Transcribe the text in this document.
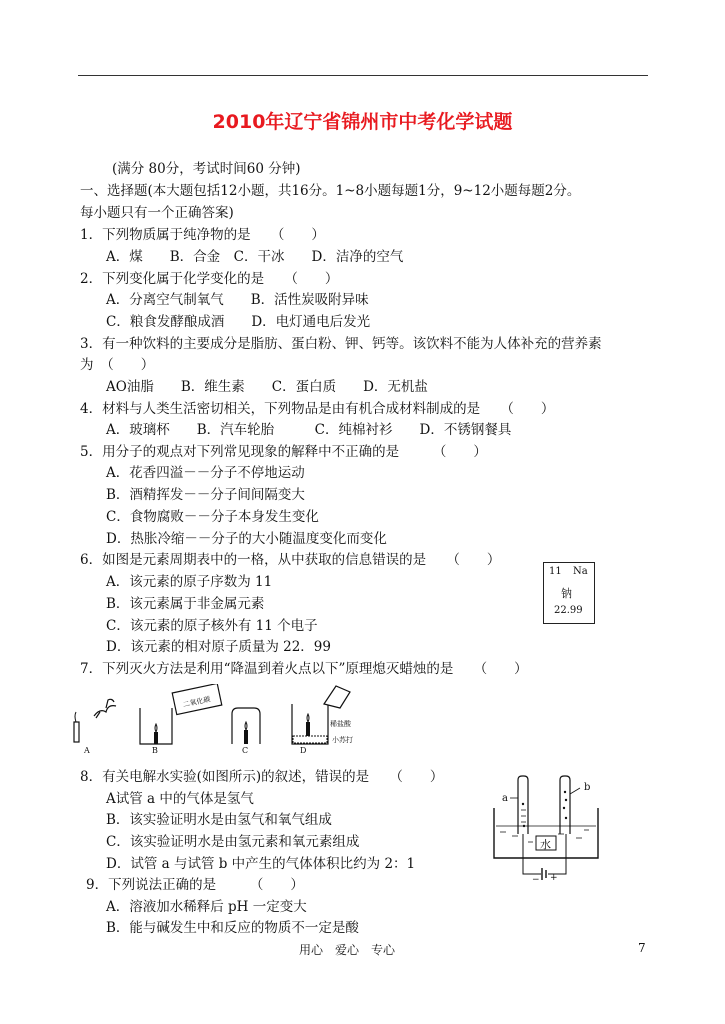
2010年辽宁省锦州市中考化学试题
(满分 80分，考试时间60 分钟)
一、选择题(本大题包括12小题，共16分。1~8小题每题1分，9~12小题每题2分。
每小题只有一个正确答案)
1．下列物质属于纯净物的是　　（　　）
A．煤　　B．合金　C．干冰　　D．洁净的空气
2．下列变化属于化学变化的是　　（　　）
A．分离空气制氧气　　B．活性炭吸附异味
C．粮食发酵酿成酒　　D．电灯通电后发光
3．有一种饮料的主要成分是脂肪、蛋白粉、钾、钙等。该饮料不能为人体补充的营养素
为　（　　）
AO油脂　　B．维生素　　C．蛋白质　　D．无机盐
4．材料与人类生活密切相关，下列物品是由有机合成材料制成的是　　（　　）
A．玻璃杯　　B．汽车轮胎　　　C．纯棉衬衫　　D．不锈钢餐具
5．用分子的观点对下列常见现象的解释中不正确的是　　　（　　）
A．花香四溢－－分子不停地运动
B．酒精挥发－－分子间间隔变大
C．食物腐败－－分子本身发生变化
D．热胀冷缩－－分子的大小随温度变化而变化
6．如图是元素周期表中的一格，从中获取的信息错误的是　　（　　）
A．该元素的原子序数为 11
B．该元素属于非金属元素
C．该元素的原子核外有 11 个电子
D．该元素的相对原子质量为 22．99
11 Na
钠
22.99
7．下列灭火方法是利用“降温到着火点以下”原理熄灭蜡烛的是　　（　　）
A
二氧化碳
B	C
稀盐酸
小苏打
D
8．有关电解水实验(如图所示)的叙述，错误的是　　（　　）
A试管 a 中的气体是氢气
B．该实验证明水是由氢气和氧气组成
C．该实验证明水是由氢元素和氧元素组成
D．试管 a 与试管 b 中产生的气体体积比约为 2：1
a
b
水
− +
9．下列说法正确的是　　　（　　）
A．溶液加水稀释后 pH 一定变大
B．能与碱发生中和反应的物质不一定是酸
用心　爱心　专心	7
